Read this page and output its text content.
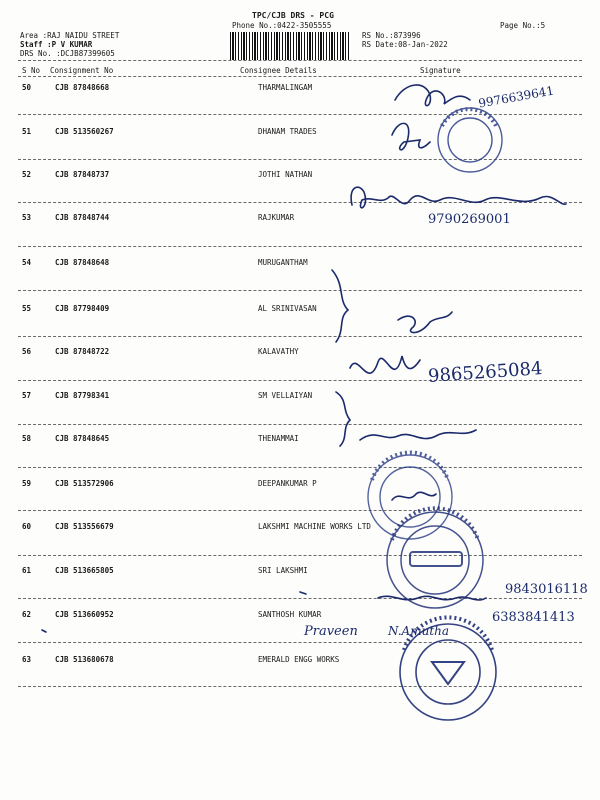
TPC/CJB DRS - PCG
Phone No.:0422-3505555
Area :RAJ NAIDU STREET
Staff :P V KUMAR
DRS No. :DCJB87399605
RS No.:873996
RS Date:08-Jan-2022
Page No.:5
S No Consignment No	Consignee Details	Signature
50	CJB 87848668	THARMALINGAM
51	CJB 513560267	DHANAM TRADES
52	CJB 87848737	JOTHI NATHAN
53	CJB 87848744	RAJKUMAR
54	CJB 87848648	MURUGANTHAM
55	CJB 87798409	AL SRINIVASAN
56	CJB 87848722	KALAVATHY
57	CJB 87798341	SM VELLAIYAN
58	CJB 87848645	THENAMMAI
59	CJB 513572906	DEEPANKUMAR P
60	CJB 513556679	LAKSHMI MACHINE WORKS LTD
61	CJB 513665805	SRI LAKSHMI
62	CJB 513660952	SANTHOSH KUMAR
63	CJB 513680678	EMERALD ENGG WORKS
9976639641
9790269001
9865265084
9843016118
6383841413
Praveen	N.Amutha
